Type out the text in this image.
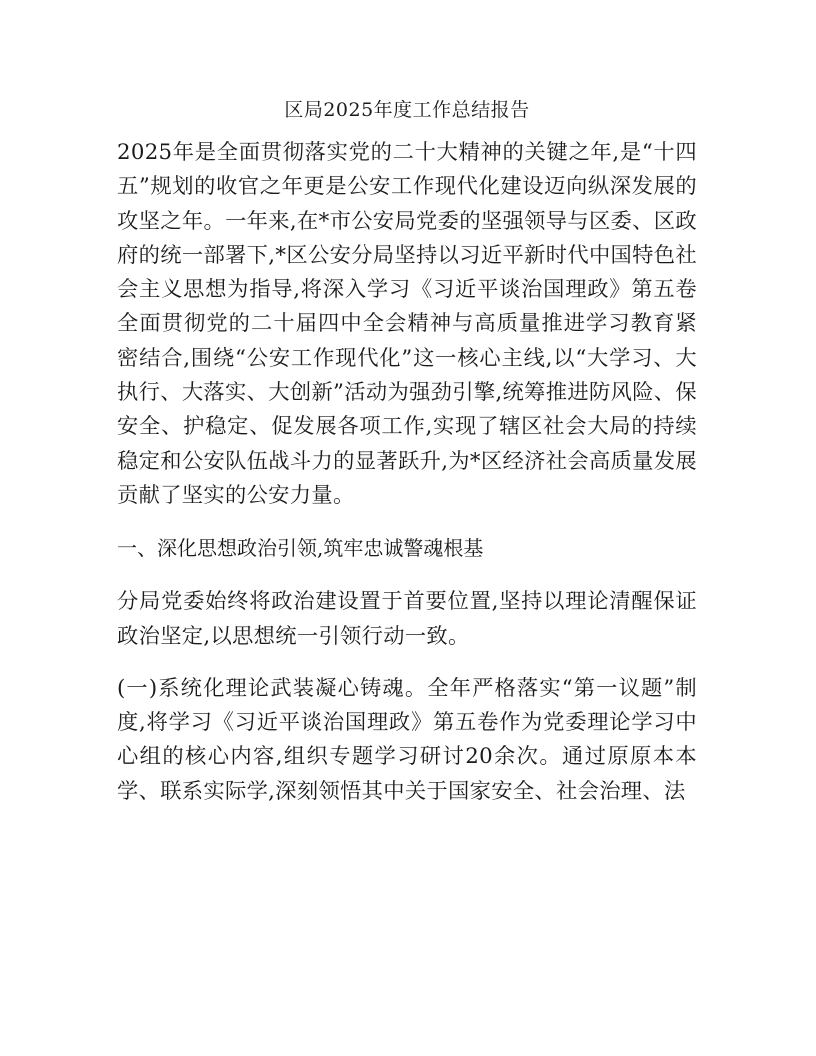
区局2025年度工作总结报告

2025年是全面贯彻落实党的二十大精神的关键之年,是“十四五”规划的收官之年更是公安工作现代化建设迈向纵深发展的攻坚之年。一年来,在*市公安局党委的坚强领导与区委、区政府的统一部署下,*区公安分局坚持以习近平新时代中国特色社会主义思想为指导,将深入学习《习近平谈治国理政》第五卷全面贯彻党的二十届四中全会精神与高质量推进学习教育紧密结合,围绕“公安工作现代化”这一核心主线,以“大学习、大执行、大落实、大创新”活动为强劲引擎,统筹推进防风险、保安全、护稳定、促发展各项工作,实现了辖区社会大局的持续稳定和公安队伍战斗力的显著跃升,为*区经济社会高质量发展贡献了坚实的公安力量。

一、深化思想政治引领,筑牢忠诚警魂根基

分局党委始终将政治建设置于首要位置,坚持以理论清醒保证政治坚定,以思想统一引领行动一致。

(一)系统化理论武装凝心铸魂。全年严格落实“第一议题”制度,将学习《习近平谈治国理政》第五卷作为党委理论学习中心组的核心内容,组织专题学习研讨20余次。通过原原本本学、联系实际学,深刻领悟其中关于国家安全、社会治理、法
